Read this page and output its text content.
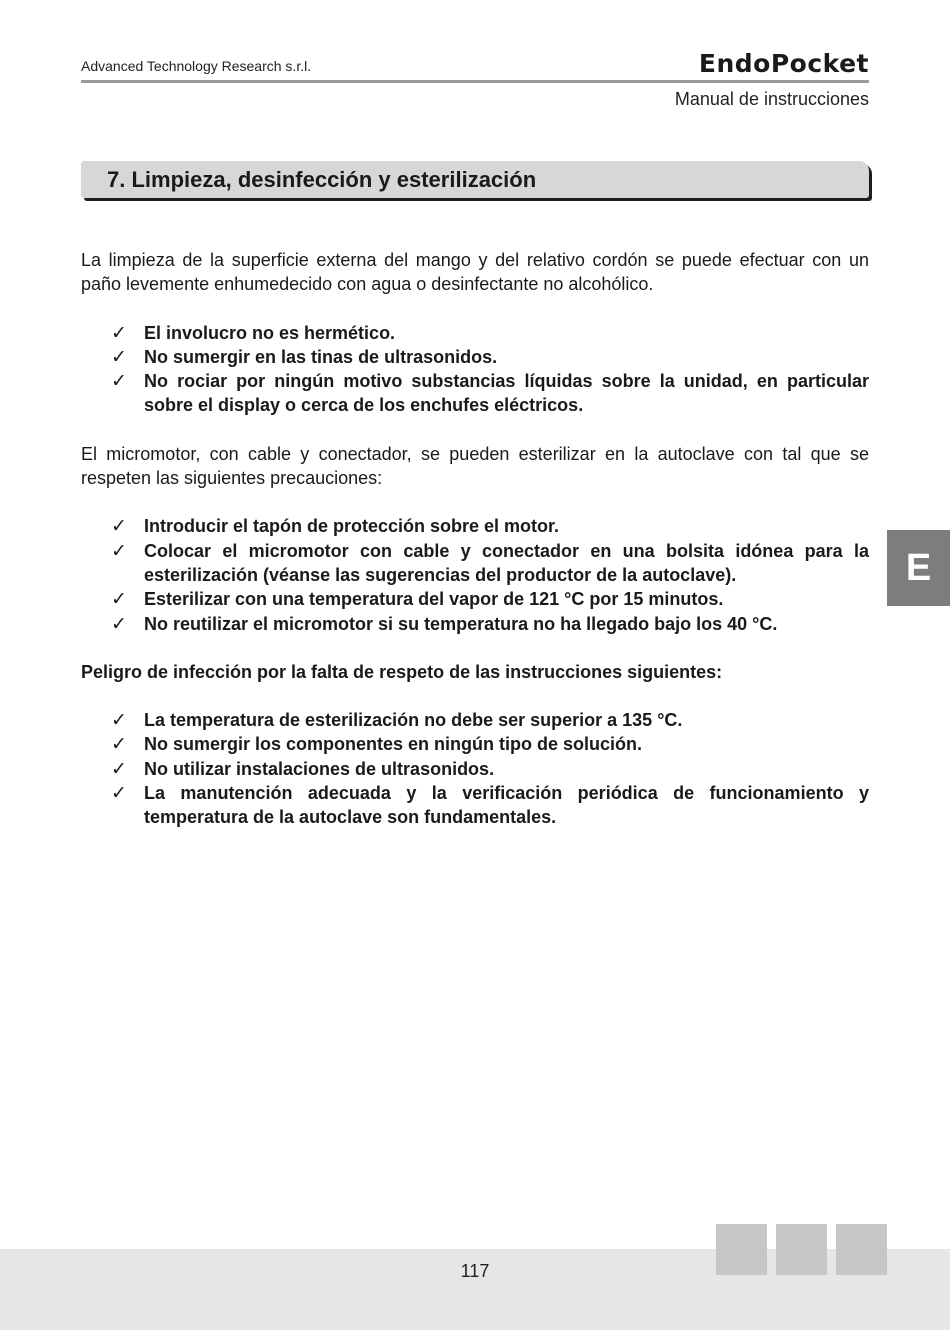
Advanced Technology Research s.r.l.	EndoPocket
Manual de instrucciones
7. Limpieza, desinfección y esterilización

La limpieza de la superficie externa del mango y del relativo cordón se puede efectuar con un paño levemente enhumedecido con agua o desinfectante no alcohólico.

✓ El involucro no es hermético.
✓ No sumergir en las tinas de ultrasonidos.
✓ No rociar por ningún motivo substancias líquidas sobre la unidad, en particular sobre el display o cerca de los enchufes eléctricos.

El micromotor, con cable y conectador, se pueden esterilizar en la autoclave con tal que se respeten las siguientes precauciones:

✓ Introducir el tapón de protección sobre el motor.
✓ Colocar el micromotor con cable y conectador en una bolsita idónea para la esterilización (véanse las sugerencias del productor de la autoclave).
✓ Esterilizar con una temperatura del vapor de 121 °C por 15 minutos.
✓ No reutilizar el micromotor si su temperatura no ha llegado bajo los 40 °C.

Peligro de infección por la falta de respeto de las instrucciones siguientes:

✓ La temperatura de esterilización no debe ser superior a 135 °C.
✓ No sumergir los componentes en ningún tipo de solución.
✓ No utilizar instalaciones de ultrasonidos.
✓ La manutención adecuada y la verificación periódica de funcionamiento y temperatura de la autoclave son fundamentales.
E
117
